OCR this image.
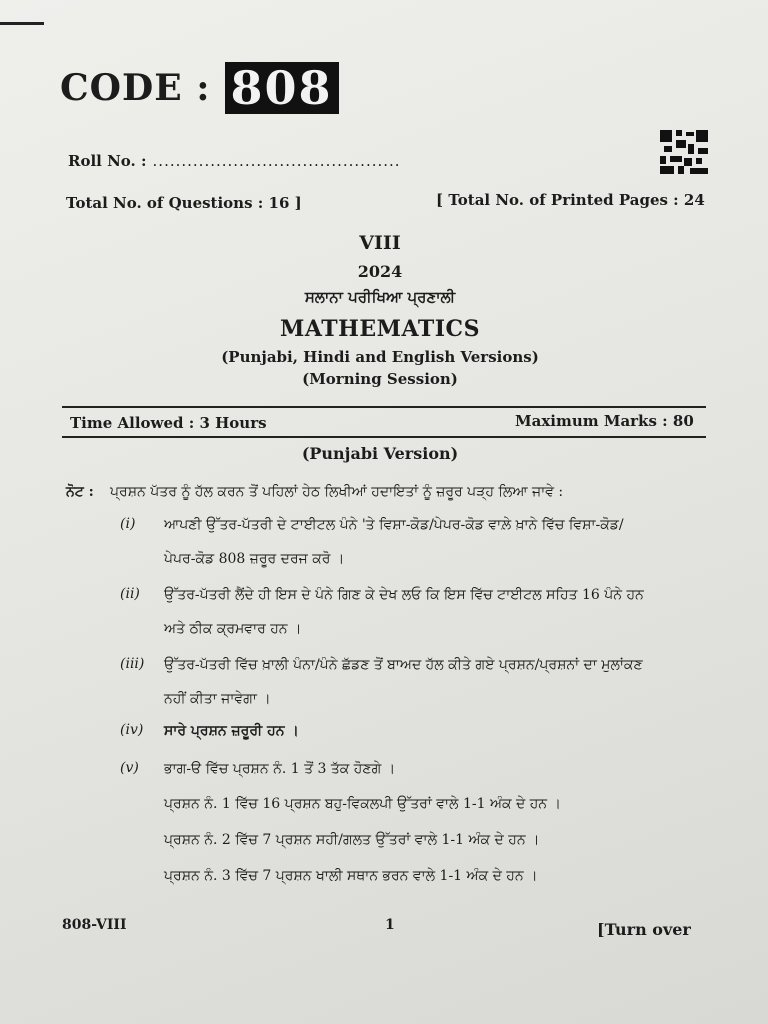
CODE : 808
Roll No. : ...........................................
Total No. of Questions : 16 ]	[ Total No. of Printed Pages : 24
VIII
2024
ਸਲਾਨਾ ਪਰੀਖਿਆ ਪ੍ਰਣਾਲੀ
MATHEMATICS
(Punjabi, Hindi and English Versions)
(Morning Session)
Time Allowed : 3 Hours	Maximum Marks : 80
(Punjabi Version)
ਨੋਟ :	ਪ੍ਰਸ਼ਨ ਪੱਤਰ ਨੂੰ ਹੱਲ ਕਰਨ ਤੋਂ ਪਹਿਲਾਂ ਹੇਠ ਲਿਖੀਆਂ ਹਦਾਇਤਾਂ ਨੂੰ ਜ਼ਰੂਰ ਪੜ੍ਹ ਲਿਆ ਜਾਵੇ :
(i)	ਆਪਣੀ ਉੱਤਰ-ਪੱਤਰੀ ਦੇ ਟਾਈਟਲ ਪੰਨੇ 'ਤੇ ਵਿਸ਼ਾ-ਕੋਡ/ਪੇਪਰ-ਕੋਡ ਵਾਲ਼ੇ ਖ਼ਾਨੇ ਵਿੱਚ ਵਿਸ਼ਾ-ਕੋਡ/
ਪੇਪਰ-ਕੋਡ 808 ਜ਼ਰੂਰ ਦਰਜ ਕਰੋ ।
(ii)	ਉੱਤਰ-ਪੱਤਰੀ ਲੈਂਦੇ ਹੀ ਇਸ ਦੇ ਪੰਨੇ ਗਿਣ ਕੇ ਦੇਖ ਲਓ ਕਿ ਇਸ ਵਿੱਚ ਟਾਈਟਲ ਸਹਿਤ 16 ਪੰਨੇ ਹਨ
ਅਤੇ ਠੀਕ ਕ੍ਰਮਵਾਰ ਹਨ ।
(iii)	ਉੱਤਰ-ਪੱਤਰੀ ਵਿੱਚ ਖ਼ਾਲੀ ਪੰਨਾ/ਪੰਨੇ ਛੱਡਣ ਤੋਂ ਬਾਅਦ ਹੱਲ ਕੀਤੇ ਗਏ ਪ੍ਰਸ਼ਨ/ਪ੍ਰਸ਼ਨਾਂ ਦਾ ਮੁਲਾਂਕਣ
ਨਹੀਂ ਕੀਤਾ ਜਾਵੇਗਾ ।
(iv)	ਸਾਰੇ ਪ੍ਰਸ਼ਨ ਜ਼ਰੂਰੀ ਹਨ ।
(v)	ਭਾਗ-ੳ ਵਿੱਚ ਪ੍ਰਸ਼ਨ ਨੰ. 1 ਤੋਂ 3 ਤੱਕ ਹੋਣਗੇ ।
ਪ੍ਰਸ਼ਨ ਨੰ. 1 ਵਿੱਚ 16 ਪ੍ਰਸ਼ਨ ਬਹੁ-ਵਿਕਲਪੀ ਉੱਤਰਾਂ ਵਾਲੇ 1-1 ਅੰਕ ਦੇ ਹਨ ।
ਪ੍ਰਸ਼ਨ ਨੰ. 2 ਵਿੱਚ 7 ਪ੍ਰਸ਼ਨ ਸਹੀ/ਗਲਤ ਉੱਤਰਾਂ ਵਾਲੇ 1-1 ਅੰਕ ਦੇ ਹਨ ।
ਪ੍ਰਸ਼ਨ ਨੰ. 3 ਵਿੱਚ 7 ਪ੍ਰਸ਼ਨ ਖਾਲੀ ਸਥਾਨ ਭਰਨ ਵਾਲੇ 1-1 ਅੰਕ ਦੇ ਹਨ ।
808-VIII	1	[Turn over
